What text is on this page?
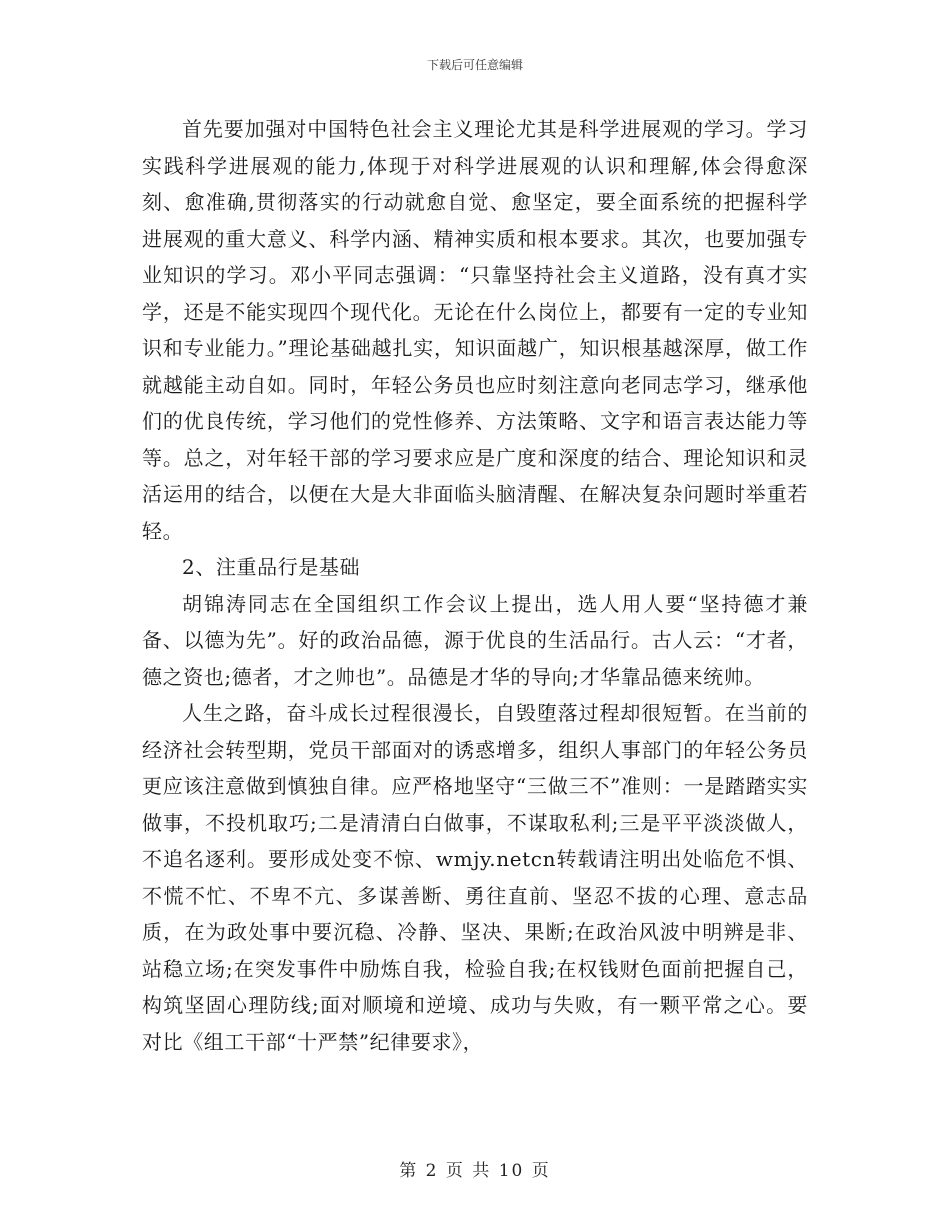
下载后可任意编辑

首先要加强对中国特色社会主义理论尤其是科学进展观的学习。学习实践科学进展观的能力,体现于对科学进展观的认识和理解,体会得愈深刻、愈准确,贯彻落实的行动就愈自觉、愈坚定，要全面系统的把握科学进展观的重大意义、科学内涵、精神实质和根本要求。其次，也要加强专业知识的学习。邓小平同志强调：“只靠坚持社会主义道路，没有真才实学，还是不能实现四个现代化。无论在什么岗位上，都要有一定的专业知识和专业能力。”理论基础越扎实，知识面越广，知识根基越深厚，做工作就越能主动自如。同时，年轻公务员也应时刻注意向老同志学习，继承他们的优良传统，学习他们的党性修养、方法策略、文字和语言表达能力等等。总之，对年轻干部的学习要求应是广度和深度的结合、理论知识和灵活运用的结合，以便在大是大非面临头脑清醒、在解决复杂问题时举重若轻。

2、注重品行是基础

胡锦涛同志在全国组织工作会议上提出，选人用人要“坚持德才兼备、以德为先”。好的政治品德，源于优良的生活品行。古人云：“才者，德之资也;德者，才之帅也”。品德是才华的导向;才华靠品德来统帅。

人生之路，奋斗成长过程很漫长，自毁堕落过程却很短暂。在当前的经济社会转型期，党员干部面对的诱惑增多，组织人事部门的年轻公务员更应该注意做到慎独自律。应严格地坚守“三做三不”准则：一是踏踏实实做事，不投机取巧;二是清清白白做事，不谋取私利;三是平平淡淡做人，不追名逐利。要形成处变不惊、wmjy.netcn转载请注明出处临危不惧、不慌不忙、不卑不亢、多谋善断、勇往直前、坚忍不拔的心理、意志品质，在为政处事中要沉稳、冷静、坚决、果断;在政治风波中明辨是非、站稳立场;在突发事件中励炼自我，检验自我;在权钱财色面前把握自己，构筑坚固心理防线;面对顺境和逆境、成功与失败，有一颗平常之心。要对比《组工干部“十严禁”纪律要求》，

第 2 页 共 10 页
